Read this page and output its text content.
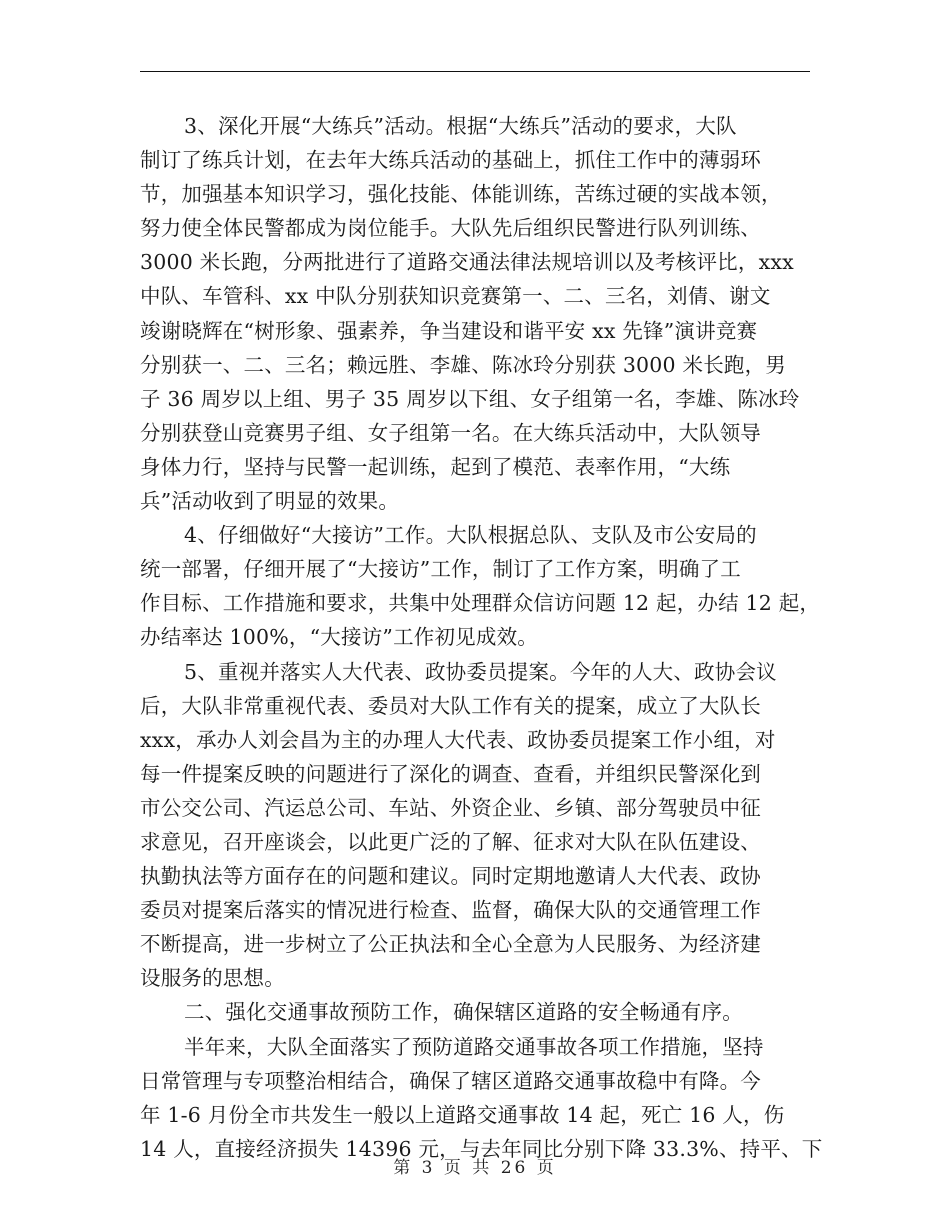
3、深化开展“大练兵”活动。根据“大练兵”活动的要求，大队
制订了练兵计划，在去年大练兵活动的基础上，抓住工作中的薄弱环
节，加强基本知识学习，强化技能、体能训练，苦练过硬的实战本领，
努力使全体民警都成为岗位能手。大队先后组织民警进行队列训练、
3000 米长跑，分两批进行了道路交通法律法规培训以及考核评比，xxx
中队、车管科、xx 中队分别获知识竞赛第一、二、三名，刘倩、谢文
竣谢晓辉在“树形象、强素养，争当建设和谐平安 xx 先锋”演讲竞赛
分别获一、二、三名；赖远胜、李雄、陈冰玲分别获 3000 米长跑，男
子 36 周岁以上组、男子 35 周岁以下组、女子组第一名，李雄、陈冰玲
分别获登山竞赛男子组、女子组第一名。在大练兵活动中，大队领导
身体力行，坚持与民警一起训练，起到了模范、表率作用，“大练
兵”活动收到了明显的效果。
4、仔细做好“大接访”工作。大队根据总队、支队及市公安局的
统一部署，仔细开展了“大接访”工作，制订了工作方案，明确了工
作目标、工作措施和要求，共集中处理群众信访问题 12 起，办结 12 起，
办结率达 100%，“大接访”工作初见成效。
5、重视并落实人大代表、政协委员提案。今年的人大、政协会议
后，大队非常重视代表、委员对大队工作有关的提案，成立了大队长
xxx，承办人刘会昌为主的办理人大代表、政协委员提案工作小组，对
每一件提案反映的问题进行了深化的调查、查看，并组织民警深化到
市公交公司、汽运总公司、车站、外资企业、乡镇、部分驾驶员中征
求意见，召开座谈会，以此更广泛的了解、征求对大队在队伍建设、
执勤执法等方面存在的问题和建议。同时定期地邀请人大代表、政协
委员对提案后落实的情况进行检查、监督，确保大队的交通管理工作
不断提高，进一步树立了公正执法和全心全意为人民服务、为经济建
设服务的思想。
二、强化交通事故预防工作，确保辖区道路的安全畅通有序。
半年来，大队全面落实了预防道路交通事故各项工作措施，坚持
日常管理与专项整治相结合，确保了辖区道路交通事故稳中有降。今
年 1-6 月份全市共发生一般以上道路交通事故 14 起，死亡 16 人，伤
14 人，直接经济损失 14396 元，与去年同比分别下降 33.3%、持平、下
第 3 页 共 26 页
